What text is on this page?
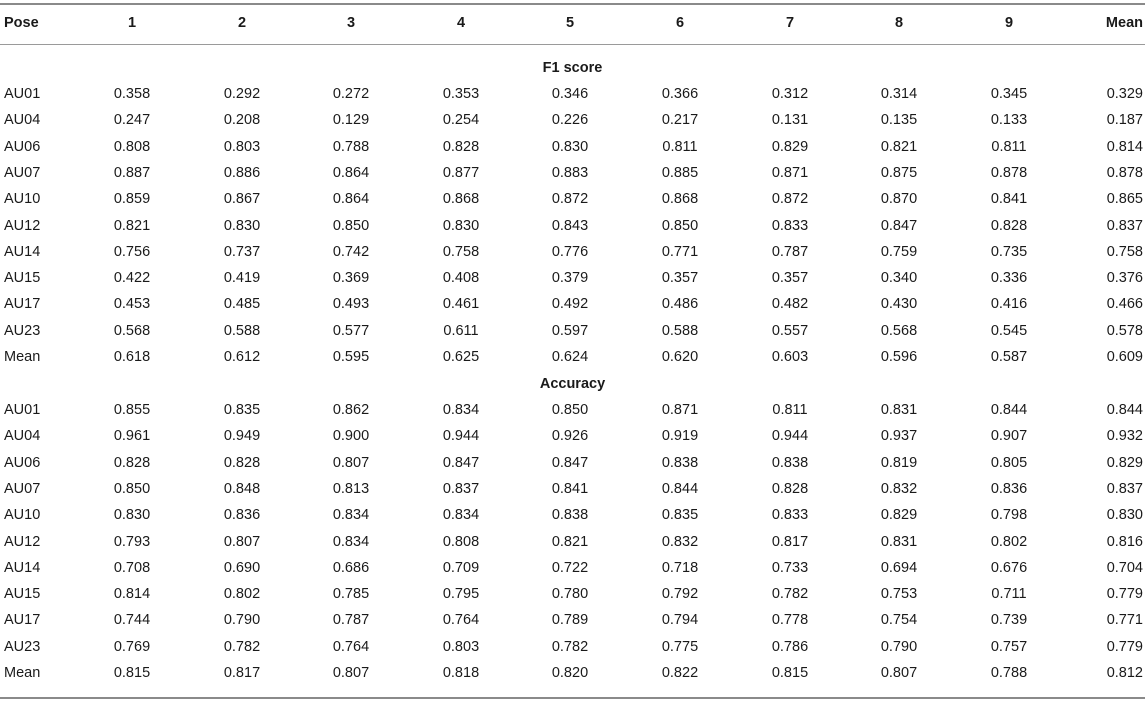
Pose	1	2	3	4	5	6	7	8	9	Mean
F1 score
AU01	0.358	0.292	0.272	0.353	0.346	0.366	0.312	0.314	0.345	0.329
AU04	0.247	0.208	0.129	0.254	0.226	0.217	0.131	0.135	0.133	0.187
AU06	0.808	0.803	0.788	0.828	0.830	0.811	0.829	0.821	0.811	0.814
AU07	0.887	0.886	0.864	0.877	0.883	0.885	0.871	0.875	0.878	0.878
AU10	0.859	0.867	0.864	0.868	0.872	0.868	0.872	0.870	0.841	0.865
AU12	0.821	0.830	0.850	0.830	0.843	0.850	0.833	0.847	0.828	0.837
AU14	0.756	0.737	0.742	0.758	0.776	0.771	0.787	0.759	0.735	0.758
AU15	0.422	0.419	0.369	0.408	0.379	0.357	0.357	0.340	0.336	0.376
AU17	0.453	0.485	0.493	0.461	0.492	0.486	0.482	0.430	0.416	0.466
AU23	0.568	0.588	0.577	0.611	0.597	0.588	0.557	0.568	0.545	0.578
Mean	0.618	0.612	0.595	0.625	0.624	0.620	0.603	0.596	0.587	0.609
Accuracy
AU01	0.855	0.835	0.862	0.834	0.850	0.871	0.811	0.831	0.844	0.844
AU04	0.961	0.949	0.900	0.944	0.926	0.919	0.944	0.937	0.907	0.932
AU06	0.828	0.828	0.807	0.847	0.847	0.838	0.838	0.819	0.805	0.829
AU07	0.850	0.848	0.813	0.837	0.841	0.844	0.828	0.832	0.836	0.837
AU10	0.830	0.836	0.834	0.834	0.838	0.835	0.833	0.829	0.798	0.830
AU12	0.793	0.807	0.834	0.808	0.821	0.832	0.817	0.831	0.802	0.816
AU14	0.708	0.690	0.686	0.709	0.722	0.718	0.733	0.694	0.676	0.704
AU15	0.814	0.802	0.785	0.795	0.780	0.792	0.782	0.753	0.711	0.779
AU17	0.744	0.790	0.787	0.764	0.789	0.794	0.778	0.754	0.739	0.771
AU23	0.769	0.782	0.764	0.803	0.782	0.775	0.786	0.790	0.757	0.779
Mean	0.815	0.817	0.807	0.818	0.820	0.822	0.815	0.807	0.788	0.812
